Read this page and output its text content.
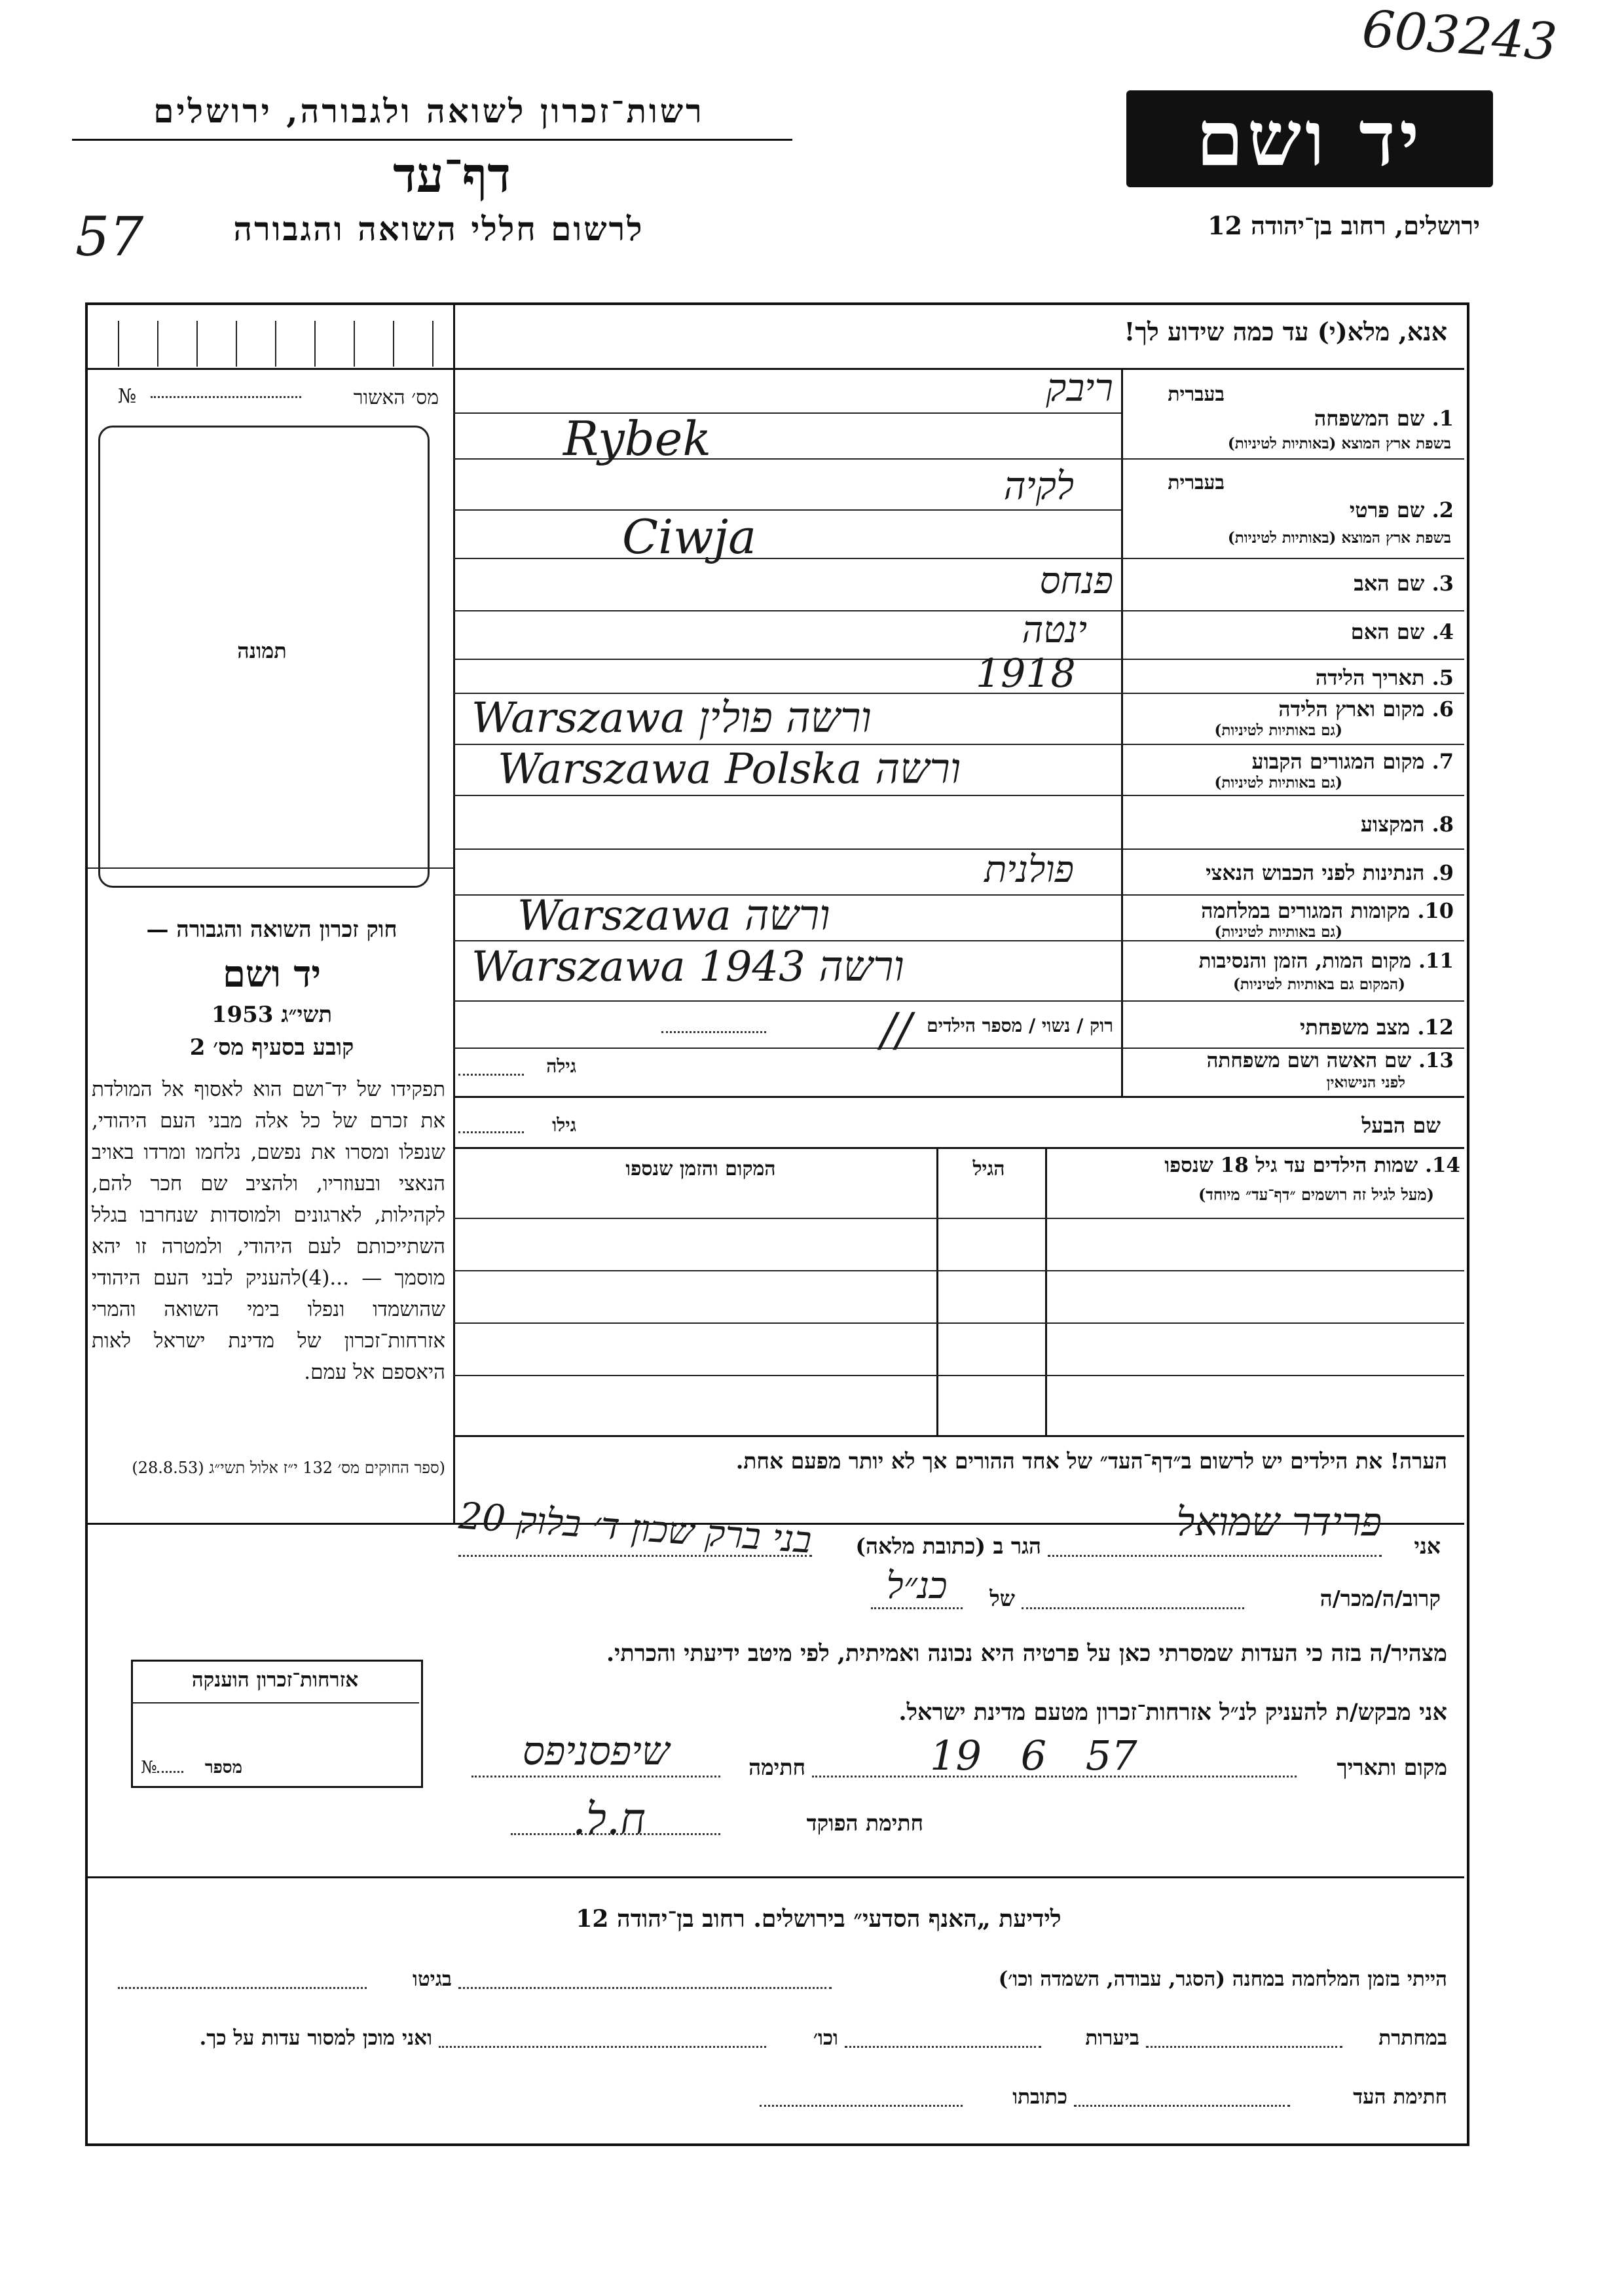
603243
רשות־זכרון לשואה ולגבורה, ירושלים
דף־עד
לרשום חללי השואה והגבורה
57
יד ושם
ירושלים, רחוב בן־יהודה 12
אנא, מלא(י) עד כמה שידוע לך!
מס׳ האשור
№
תמונה
חוק זכרון השואה והגבורה —
יד ושם
תשי״ג 1953
קובע בסעיף מס׳ 2
תפקידו של יד־ושם הוא לאסוף אל המולדת את זכרם של כל אלה מבני העם היהודי, שנפלו ומסרו את נפשם, נלחמו ומרדו באויב הנאצי ובעוזריו, ולהציב שם חכר להם, לקהילות, לארגונים ולמוסדות שנחרבו בגלל השתייכותם לעם היהודי, ולמטרה זו יהא מוסמך — ...(4)להעניק לבני העם היהודי שהושמדו ונפלו בימי השואה והמרי אזרחות־זכרון של מדינת ישראל לאות היאספם אל עמם.
(ספר החוקים מס׳ 132 י״ז אלול תשי״ג (28.8.53)
בעברית
1. שם המשפחה
בשפת ארץ המוצא (באותיות לטיניות)
ריבק
Rybek
בעברית
2. שם פרטי
בשפת ארץ המוצא (באותיות לטיניות)
לקיה
Ciwja
3. שם האב
פנחס
4. שם האם
ינטה
5. תאריך הלידה
1918
6. מקום וארץ הלידה
(גם באותיות לטיניות)
Warszawa ורשה פולין
7. מקום המגורים הקבוע
(גם באותיות לטיניות)
Warszawa Polska ורשה
8. המקצוע
9. הנתינות לפני הכבוש הנאצי
פולנית
10. מקומות המגורים במלחמה
(גם באותיות לטיניות)
Warszawa ורשה
11. מקום המות, הזמן והנסיבות
(המקום גם באותיות לטיניות)
Warszawa ורשה 1943
12. מצב משפחתי
רוק / נשוי / מספר הילדים
//
13. שם האשה ושם משפחתה
לפני הנישואין
גילה
שם הבעל
גילו
14. שמות הילדים עד גיל 18 שנספו
(מעל לגיל זה רושמים ״דף־עד״ מיוחד)
הגיל
המקום והזמן שנספו
הערה! את הילדים יש לרשום ב״דף־העד״ של אחד ההורים אך לא יותר מפעם אחת.
אני
פרידר שמואל
הגר ב (כתובת מלאה)
בני ברק שכון ד׳ בלוק 20
קרוב/ה/מכר/ה
של
כנ״ל
מצהיר/ה בזה כי העדות שמסרתי כאן על פרטיה היא נכונה ואמיתית, לפי מיטב ידיעתי והכרתי.
אני מבקש/ת להעניק לנ״ל אזרחות־זכרון מטעם מדינת ישראל.
מקום ותאריך
19 6 57
חתימה
שיפסניפס
חתימת הפוקד
ח.ל.
אזרחות־זכרון הוענקה
מספר
№
לידיעת „האנף הסדעי״ בירושלים. רחוב בן־יהודה 12
הייתי בזמן המלחמה במחנה (הסגר, עבודה, השמדה וכו׳)
בגיטו
במחתרת
ביערות
וכו׳
ואני מוכן למסור עדות על כך.
חתימת העד
כתובתו
